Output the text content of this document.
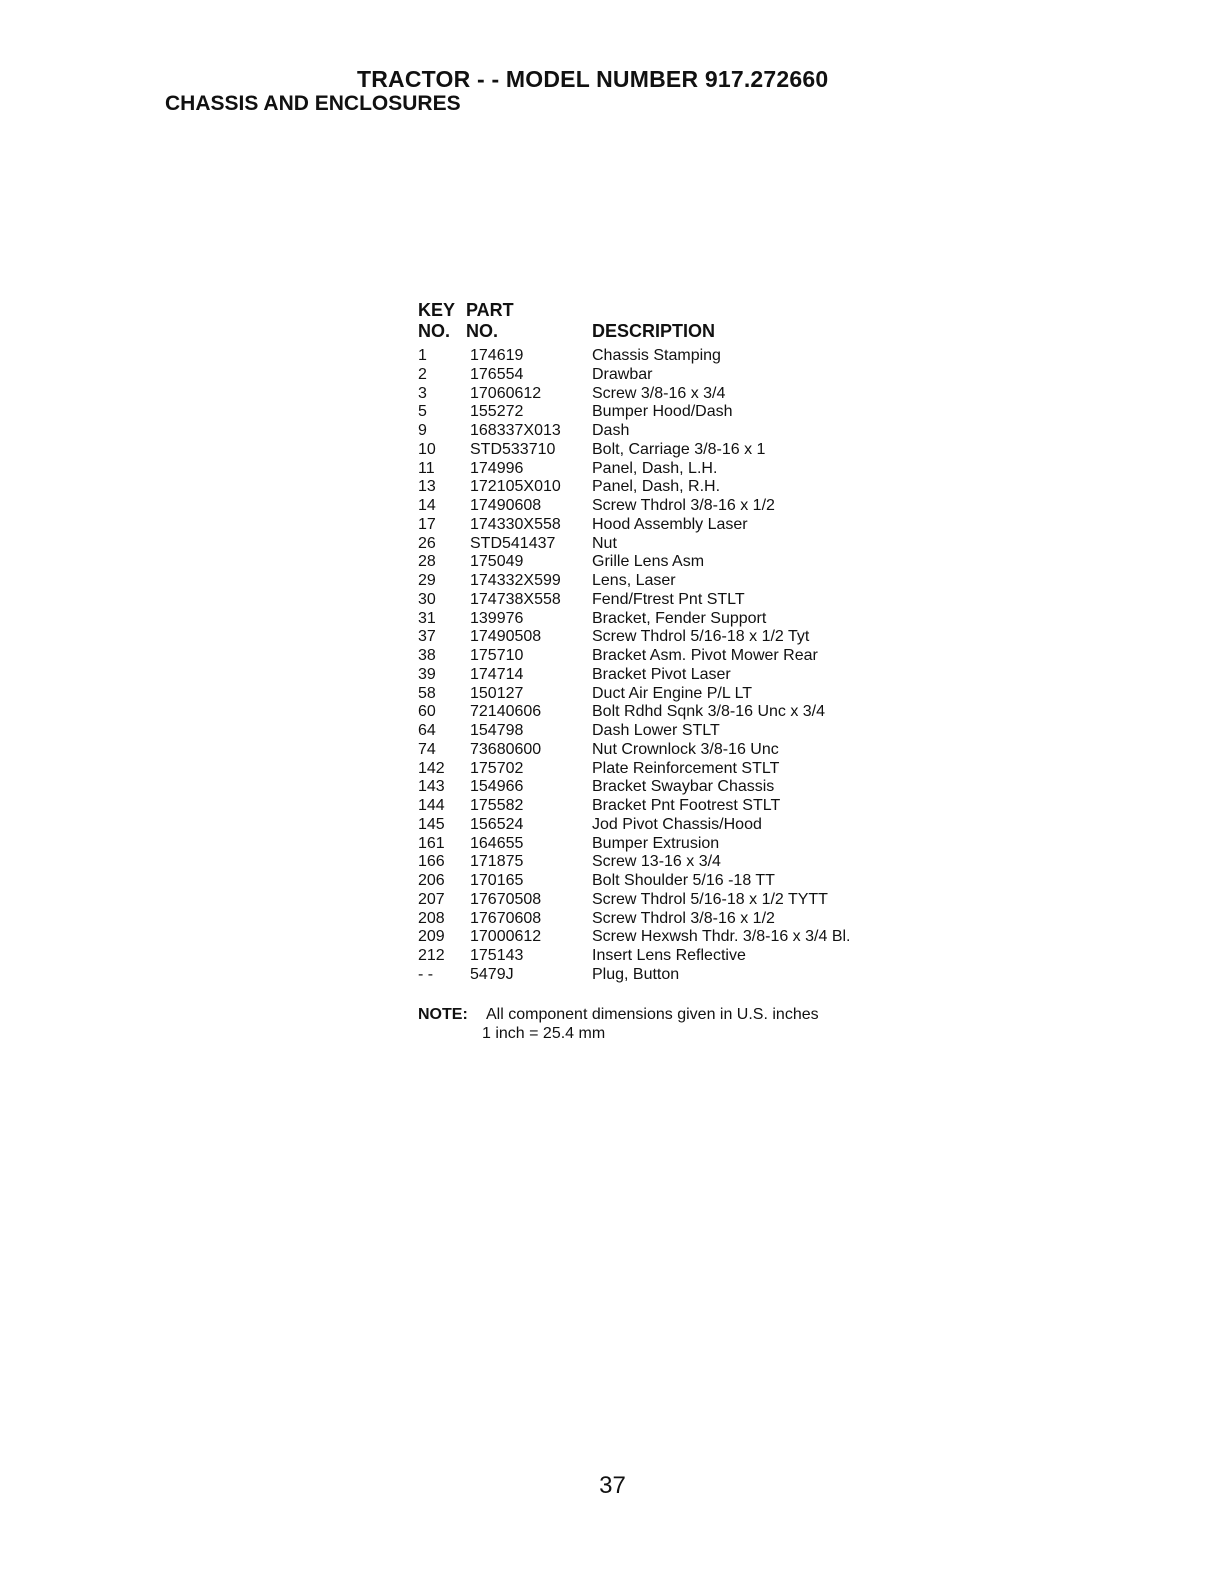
TRACTOR - - MODEL NUMBER 917.272660
CHASSIS AND ENCLOSURES
KEY PART
NO. NO.	DESCRIPTION
1	174619	Chassis Stamping
2	176554	Drawbar
3	17060612	Screw 3/8-16 x 3/4
5	155272	Bumper Hood/Dash
9	168337X013 Dash
10 STD533710 Bolt, Carriage 3/8-16 x 1
11 174996	Panel, Dash, L.H.
13 172105X010 Panel, Dash, R.H.
14 17490608	Screw Thdrol 3/8-16 x 1/2
17 174330X558 Hood Assembly Laser
26 STD541437 Nut
28 175049	Grille Lens Asm
29 174332X599 Lens, Laser
30 174738X558 Fend/Ftrest Pnt STLT
31 139976	Bracket, Fender Support
37 17490508	Screw Thdrol 5/16-18 x 1/2 Tyt
38 175710	Bracket Asm. Pivot Mower Rear
39 174714	Bracket Pivot Laser
58 150127	Duct Air Engine P/L LT
60 72140606	Bolt Rdhd Sqnk 3/8-16 Unc x 3/4
64 154798	Dash Lower STLT
74 73680600	Nut Crownlock 3/8-16 Unc
142 175702	Plate Reinforcement STLT
143 154966	Bracket Swaybar Chassis
144 175582	Bracket Pnt Footrest STLT
145 156524	Jod Pivot Chassis/Hood
161 164655	Bumper Extrusion
166 171875	Screw 13-16 x 3/4
206 170165	Bolt Shoulder 5/16 -18 TT
207 17670508	Screw Thdrol 5/16-18 x 1/2 TYTT
208 17670608	Screw Thdrol 3/8-16 x 1/2
209 17000612	Screw Hexwsh Thdr. 3/8-16 x 3/4 Bl.
212 175143	Insert Lens Reflective
- - 5479J	Plug, Button
NOTE: All component dimensions given in U.S. inches
1 inch = 25.4 mm
37
